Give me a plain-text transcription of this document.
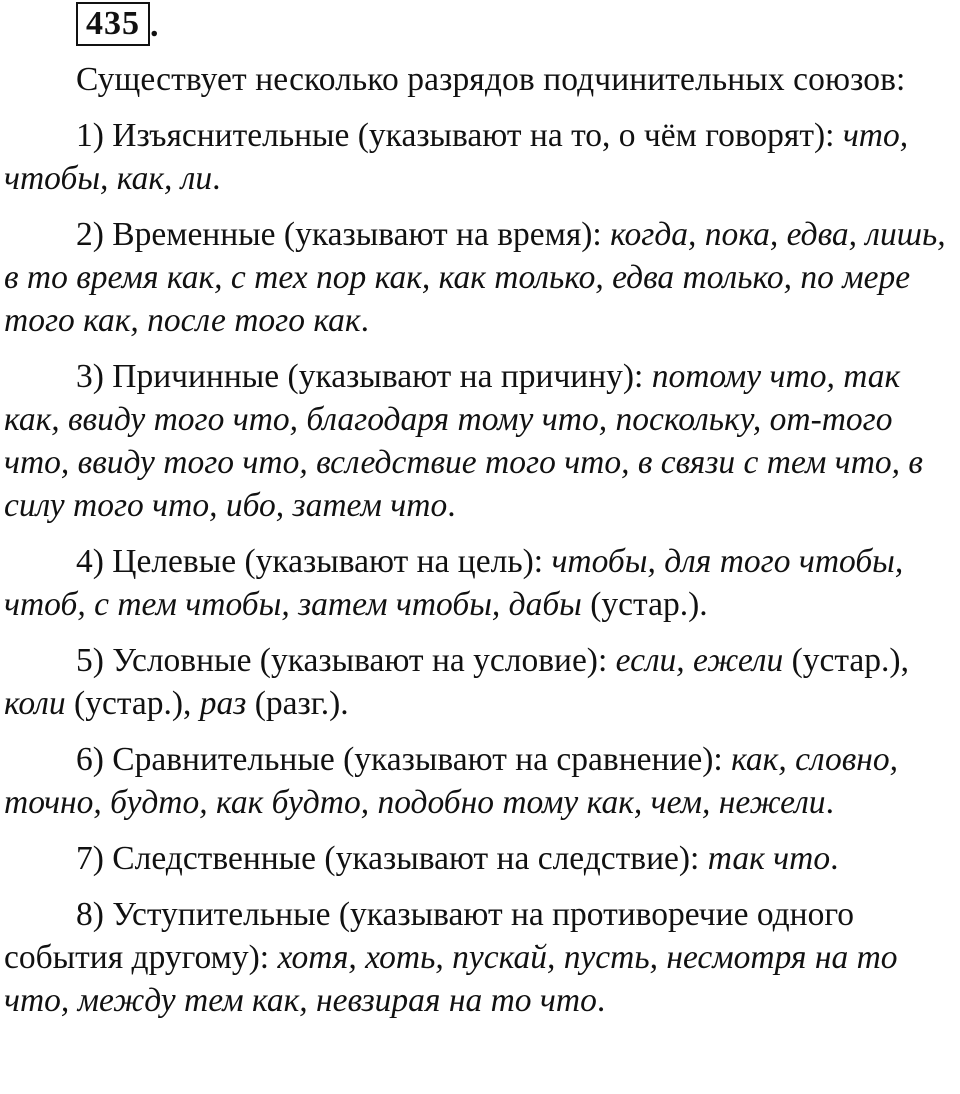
435 .

Существует несколько разрядов подчинительных союзов:

1) Изъяснительные (указывают на то, о чём говорят): что, чтобы, как, ли.

2) Временные (указывают на время): когда, пока, едва, лишь, в то время как, с тех пор как, как только, едва только, по мере того как, после того как.

3) Причинные (указывают на причину): потому что, так как, ввиду того что, благодаря тому что, поскольку, от-того что, ввиду того что, вследствие того что, в связи с тем что, в силу того что, ибо, затем что.

4) Целевые (указывают на цель): чтобы, для того чтобы, чтоб, с тем чтобы, затем чтобы, дабы (устар.).

5) Условные (указывают на условие): если, ежели (устар.), коли (устар.), раз (разг.).

6) Сравнительные (указывают на сравнение): как, словно, точно, будто, как будто, подобно тому как, чем, нежели.

7) Следственные (указывают на следствие): так что.

8) Уступительные (указывают на противоречие одного события другому): хотя, хоть, пускай, пусть, несмотря на то что, между тем как, невзирая на то что.
